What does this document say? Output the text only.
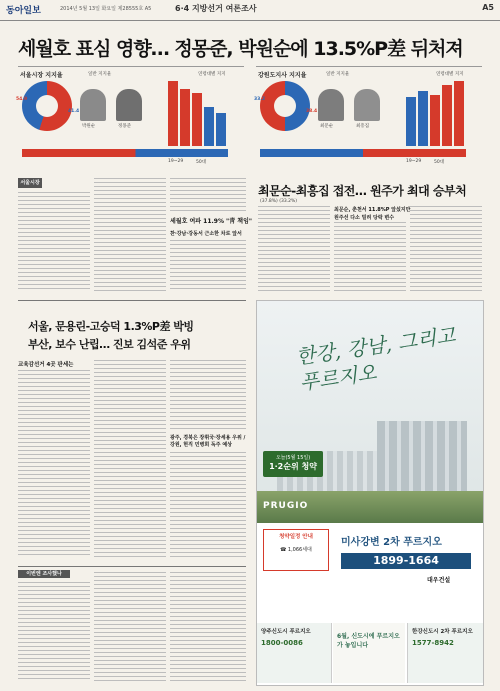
동아일보	2014년 5월 13일 화요일 제28555호 A5	6·4 지방선거 여론조사	A5
세월호 표심 영향… 정몽준, 박원순에 13.5%P差 뒤처져
서울시장 지지율	일반 지지율	연령대별 지지
54.9
41.4
박원순	정몽준
19~29	50대
강원도지사 지지율	일반 지지율	연령대별 지지
33.2
38.4
최문순	최흥집
19~29	50대
서울시장
세월호 여파 11.9% "靑 책임"
찬·강남·강동서 근소한 차로 앞서
최문순-최흥집 접전… 원주가 최대 승부처
(37.8%) (33.2%)
최문순, 춘천서 11.8%P 앞섰지만
원주선 다소 밀려 당락 변수
서울, 문용린-고승덕 1.3%P差 박빙
부산, 보수 난립… 진보 김석준 우위
교육감선거 4곳 판세는
광주, 경북은 장휘국·장세용 우위 / 강원, 현직 민병희 독주 예상
이번엔 조사했나
한강, 강남, 그리고 푸르지오
오늘(5월 15일)
1·2순위 청약
PRUGIO
청약일정 안내
☎ 1,066세대
미사강변 2차 푸르지오
1899-1664
대우건설
양주신도시 푸르지오
1800-0086
6월, 신도시에 푸르지오가 놓입니다
한강신도시 2차 푸르지오
1577-8942
